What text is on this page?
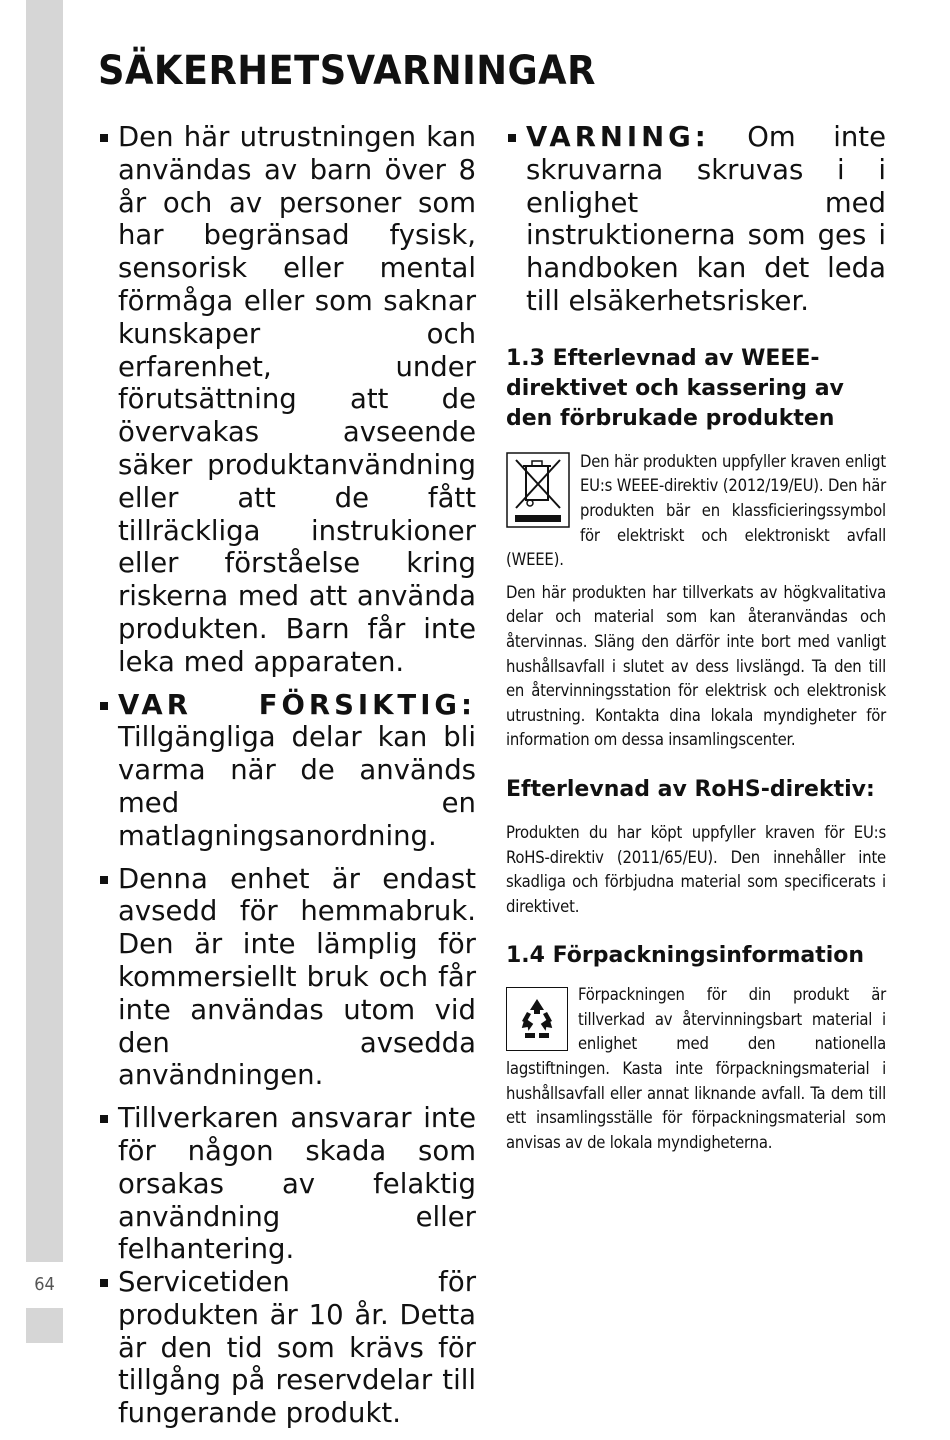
64
SÄKERHETSVARNINGAR
Den här utrustningen kan användas av barn över 8 år och av personer som har begränsad fysisk, sensorisk eller mental förmåga eller som saknar kunskaper och erfarenhet, under förutsättning att de övervakas avseende säker produktanvändning eller att de fått tillräckliga instrukioner eller förståelse kring riskerna med att använda produkten. Barn får inte leka med apparaten.
VAR FÖRSIKTIG: Tillgängliga delar kan bli varma när de används med en matlagningsanordning.
Denna enhet är endast avsedd för hemmabruk. Den är inte lämplig för kommersiellt bruk och får inte användas utom vid den avsedda användningen.
Tillverkaren ansvarar inte för någon skada som orsakas av felaktig användning eller felhantering.
Servicetiden för produkten är 10 år. Detta är den tid som krävs för tillgång på reservdelar till fungerande produkt.
VARNING: Om inte skruvarna skruvas i i enlighet med instruktionerna som ges i handboken kan det leda till elsäkerhetsrisker.
1.3 Efterlevnad av WEEE-direktivet och kassering av den förbrukade produkten

Den här produkten uppfyller kraven enligt EU:s WEEE-direktiv (2012/19/EU). Den här produkten bär en klassficieringssymbol för elektriskt och elektroniskt avfall (WEEE).

Den här produkten har tillverkats av högkvalitativa delar och material som kan återanvändas och återvinnas. Släng den därför inte bort med vanligt hushållsavfall i slutet av dess livslängd. Ta den till en återvinningsstation för elektrisk och elektronisk utrustning. Kontakta dina lokala myndigheter för information om dessa insamlingscenter.

Efterlevnad av RoHS-direktiv:

Produkten du har köpt uppfyller kraven för EU:s RoHS-direktiv (2011/65/EU). Den innehåller inte skadliga och förbjudna material som specificerats i direktivet.

1.4 Förpackningsinformation

Förpackningen för din produkt är tillverkad av återvinningsbart material i enlighet med den nationella lagstiftningen. Kasta inte förpackningsmaterial i hushållsavfall eller annat liknande avfall. Ta dem till ett insamlingsställe för förpackningsmaterial som anvisas av de lokala myndigheterna.
